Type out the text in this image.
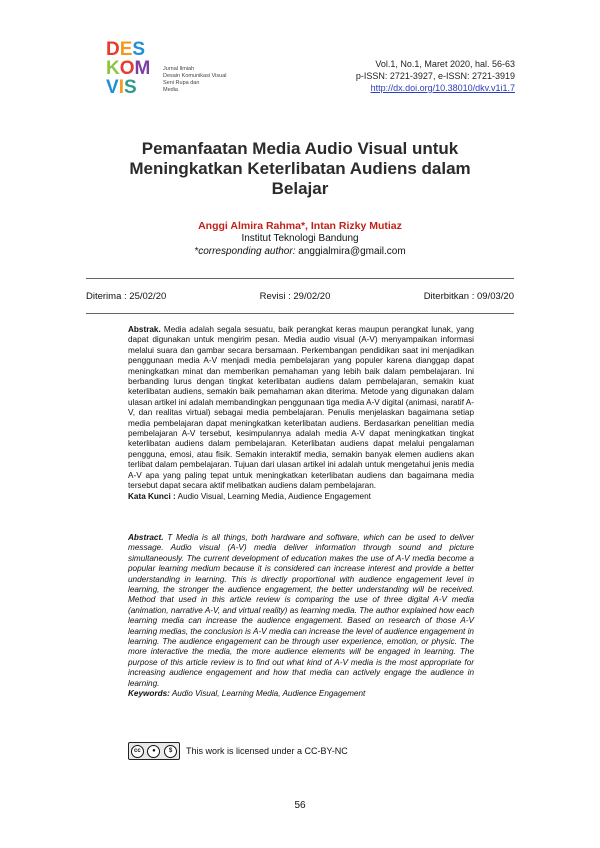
D E S
K O M
V I S
Jurnal Ilmiah
Desain Komunikasi Visual
Seni Rupa dan
Media
Vol.1, No.1, Maret 2020, hal. 56-63
p-ISSN: 2721-3927, e-ISSN: 2721-3919
http://dx.doi.org/10.38010/dkv.v1i1.7
Pemanfaatan Media Audio Visual untuk
Meningkatkan Keterlibatan Audiens dalam
Belajar
Anggi Almira Rahma*, Intan Rizky Mutiaz
Institut Teknologi Bandung
*corresponding author: anggialmira@gmail.com
Diterima : 25/02/20	Revisi : 29/02/20	Diterbitkan : 09/03/20
Abstrak. Media adalah segala sesuatu, baik perangkat keras maupun perangkat lunak, yang dapat digunakan untuk mengirim pesan. Media audio visual (A-V) menyampaikan informasi melalui suara dan gambar secara bersamaan. Perkembangan pendidikan saat ini menjadikan penggunaan media A-V menjadi media pembelajaran yang populer karena dianggap dapat meningkatkan minat dan memberikan pemahaman yang lebih baik dalam pembelajaran. Ini berbanding lurus dengan tingkat keterlibatan audiens dalam pembelajaran, semakin kuat keterlibatan audiens, semakin baik pemahaman akan diterima. Metode yang digunakan dalam ulasan artikel ini adalah membandingkan penggunaan tiga media A-V digital (animasi, naratif A-V, dan realitas virtual) sebagai media pembelajaran. Penulis menjelaskan bagaimana setiap media pembelajaran dapat meningkatkan keterlibatan audiens. Berdasarkan penelitian media pembelajaran A-V tersebut, kesimpulannya adalah media A-V dapat meningkatkan tingkat keterlibatan audiens dalam pembelajaran. Keterlibatan audiens dapat melalui pengalaman pengguna, emosi, atau fisik. Semakin interaktif media, semakin banyak elemen audiens akan terlibat dalam pembelajaran. Tujuan dari ulasan artikel ini adalah untuk mengetahui jenis media A-V apa yang paling tepat untuk meningkatkan keterlibatan audiens dan bagaimana media tersebut dapat secara aktif melibatkan audiens dalam pembelajaran.
Kata Kunci : Audio Visual, Learning Media, Audience Engagement
Abstract. T Media is all things, both hardware and software, which can be used to deliver message. Audio visual (A-V) media deliver information through sound and picture simultaneously. The current development of education makes the use of A-V media become a popular learning medium because it is considered can increase interest and provide a better understanding in learning. This is directly proportional with audience engagement level in learning, the stronger the audience engagement, the better understanding will be received. Method that used in this article review is comparing the use of three digital A-V media (animation, narrative A-V, and virtual reality) as learning media. The author explained how each learning media can increase the audience engagement. Based on research of those A-V learning medias, the conclusion is A-V media can increase the level of audience engagement in learning. The audience engagement can be through user experience, emotion, or physic. The more interactive the media, the more audience elements will be engaged in learning. The purpose of this article review is to find out what kind of A-V media is the most appropriate for increasing audience engagement and how that media can actively engage the audience in learning.
Keywords: Audio Visual, Learning Media, Audience Engagement
cc	●	$	This work is licensed under a CC-BY-NC
56
